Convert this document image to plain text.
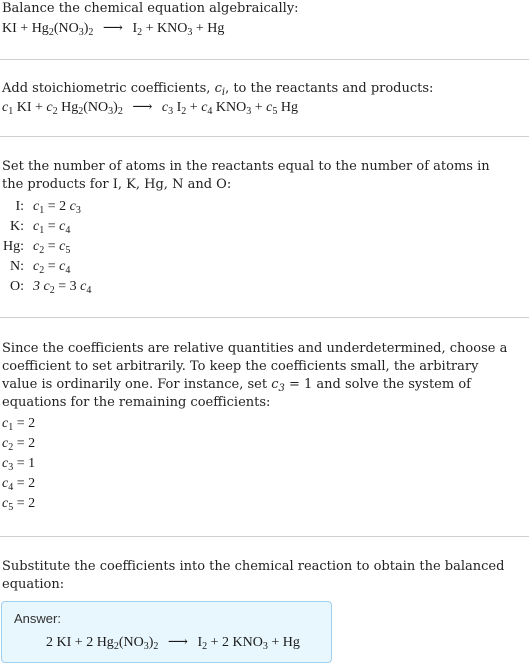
Balance the chemical equation algebraically:
KI + $Hg_2(NO_3)_2$ ⟶ $I_2 + KNO_3 + Hg$
Add stoichiometric coefficients, $c_i$, to the reactants and products:
$c_1$ KI + $c_2$ $Hg_2(NO_3)_2$ ⟶ $c_3$ $I_2 + c_4$ $KNO_3 + c_5$ Hg
Set the number of atoms in the reactants equal to the number of atoms in the products for I, K, Hg, N and O:
I: $c_1 = 2$ $c_3$
K: $c_1 = c_4$
Hg: $c_2 = c_5$
N: $c_2 = c_4$
O: 3 $c_2 = 3$ $c_4$
Since the coefficients are relative quantities and underdetermined, choose a coefficient to set arbitrarily. To keep the coefficients small, the arbitrary value is ordinarily one. For instance, set $c_3 = 1$ and solve the system of equations for the remaining coefficients:
$c_1 = 2$
$c_2 = 2$
$c_3 = 1$
$c_4 = 2$
$c_5 = 2$
Substitute the coefficients into the chemical reaction to obtain the balanced equation:
Answer:
2 KI + 2 $Hg_2(NO_3)_2$ ⟶ $I_2 + 2$ $KNO_3 + Hg$
